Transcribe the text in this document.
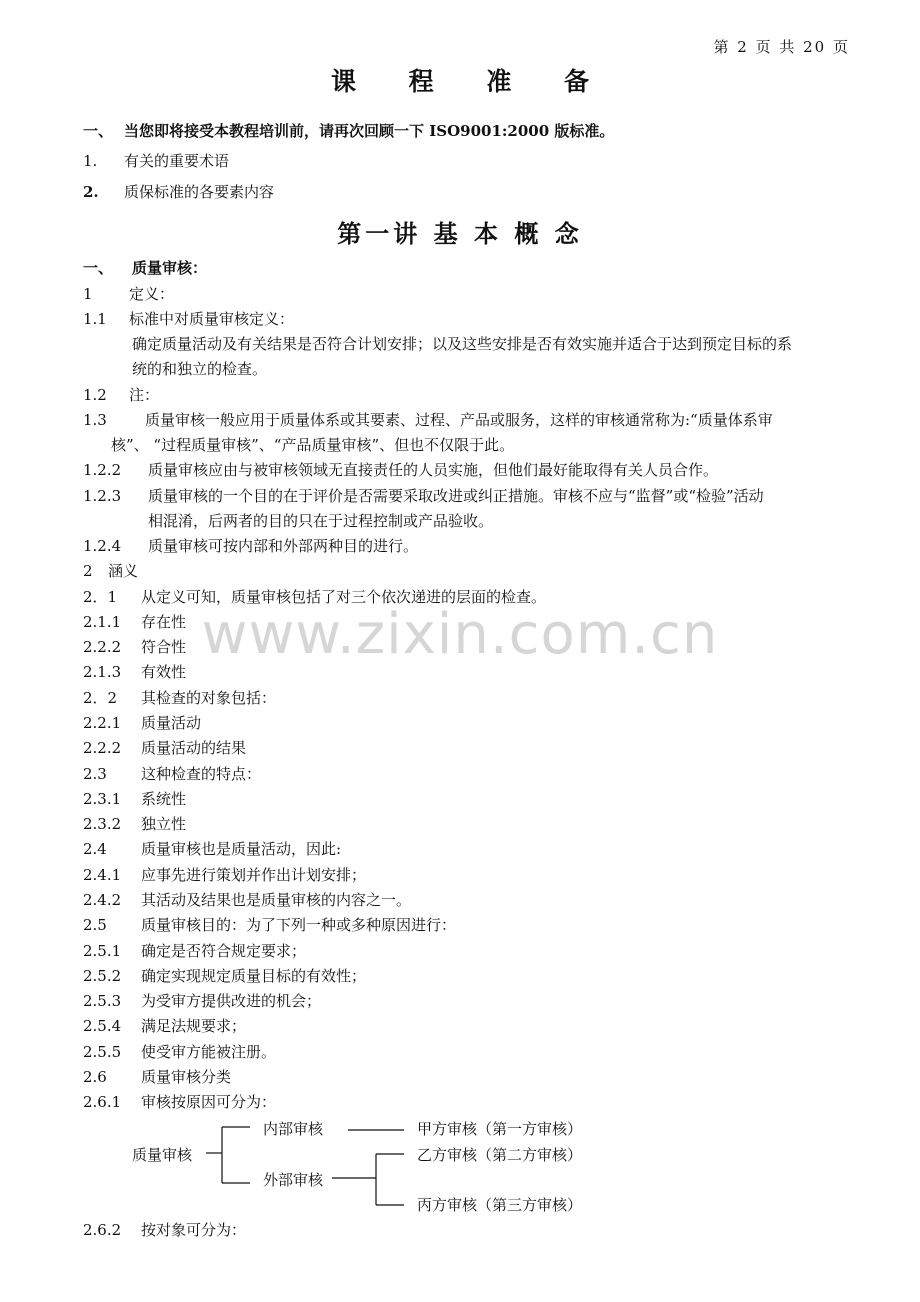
第 2 页 共 20 页
课 程 准 备
一、 当您即将接受本教程培训前，请再次回顾一下 ISO9001:2000 版标准。
1. 有关的重要术语
2. 质保标准的各要素内容
第一讲 基 本 概 念
一、 质量审核：
1 定义：
1.1 标准中对质量审核定义：
确定质量活动及有关结果是否符合计划安排；以及这些安排是否有效实施并适合于达到预定目标的系
统的和独立的检查。
1.2 注：
1.3	质量审核一般应用于质量体系或其要素、过程、产品或服务，这样的审核通常称为:“质量体系审
核”、 “过程质量审核”、“产品质量审核”、但也不仅限于此。
1.2.2 质量审核应由与被审核领域无直接责任的人员实施，但他们最好能取得有关人员合作。
1.2.3 质量审核的一个目的在于评价是否需要采取改进或纠正措施。审核不应与“监督”或“检验”活动
相混淆，后两者的目的只在于过程控制或产品验收。
1.2.4 质量审核可按内部和外部两种目的进行。
2 涵义
2．1 从定义可知，质量审核包括了对三个依次递进的层面的检查。
2.1.1 存在性
2.2.2 符合性
2.1.3 有效性
2．2 其检查的对象包括：
2.2.1 质量活动
2.2.2 质量活动的结果
2.3 这种检查的特点：
2.3.1 系统性
2.3.2 独立性
2.4 质量审核也是质量活动，因此:
2.4.1 应事先进行策划并作出计划安排；
2.4.2 其活动及结果也是质量审核的内容之一。
2.5 质量审核目的：为了下列一种或多种原因进行：
2.5.1 确定是否符合规定要求；
2.5.2 确定实现规定质量目标的有效性；
2.5.3 为受审方提供改进的机会；
2.5.4 满足法规要求；
2.5.5 使受审方能被注册。
2.6 质量审核分类
2.6.1 审核按原因可分为：
质量审核
内部审核
外部审核
甲方审核（第一方审核）
乙方审核（第二方审核）
丙方审核（第三方审核）
2.6.2 按对象可分为：
www.zixin.com.cn
